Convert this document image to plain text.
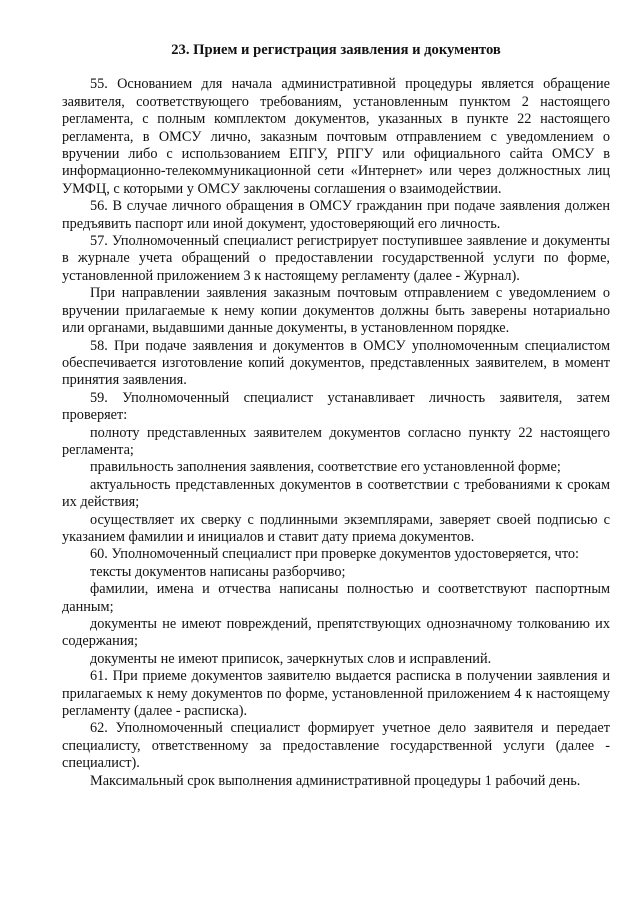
23. Прием и регистрация заявления и документов

55. Основанием для начала административной процедуры является обращение заявителя, соответствующего требованиям, установленным пунктом 2 настоящего регламента, с полным комплектом документов, указанных в пункте 22 настоящего регламента, в ОМСУ лично, заказным почтовым отправлением с уведомлением о вручении либо с использованием ЕПГУ, РПГУ или официального сайта ОМСУ в информационно-телекоммуникационной сети «Интернет» или через должностных лиц УМФЦ, с которыми у ОМСУ заключены соглашения о взаимодействии.

56. В случае личного обращения в ОМСУ гражданин при подаче заявления должен предъявить паспорт или иной документ, удостоверяющий его личность.

57. Уполномоченный специалист регистрирует поступившее заявление и документы в журнале учета обращений о предоставлении государственной услуги по форме, установленной приложением 3 к настоящему регламенту (далее - Журнал).

При направлении заявления заказным почтовым отправлением с уведомлением о вручении прилагаемые к нему копии документов должны быть заверены нотариально или органами, выдавшими данные документы, в установленном порядке.

58. При подаче заявления и документов в ОМСУ уполномоченным специалистом обеспечивается изготовление копий документов, представленных заявителем, в момент принятия заявления.

59. Уполномоченный специалист устанавливает личность заявителя, затем проверяет:

полноту представленных заявителем документов согласно пункту 22 настоящего регламента;

правильность заполнения заявления, соответствие его установленной форме;

актуальность представленных документов в соответствии с требованиями к срокам их действия;

осуществляет их сверку с подлинными экземплярами, заверяет своей подписью с указанием фамилии и инициалов и ставит дату приема документов.

60. Уполномоченный специалист при проверке документов удостоверяется, что:

тексты документов написаны разборчиво;

фамилии, имена и отчества написаны полностью и соответствуют паспортным данным;

документы не имеют повреждений, препятствующих однозначному толкованию их содержания;

документы не имеют приписок, зачеркнутых слов и исправлений.

61. При приеме документов заявителю выдается расписка в получении заявления и прилагаемых к нему документов по форме, установленной приложением 4 к настоящему регламенту (далее - расписка).

62. Уполномоченный специалист формирует учетное дело заявителя и передает специалисту, ответственному за предоставление государственной услуги (далее - специалист).

Максимальный срок выполнения административной процедуры 1 рабочий день.
